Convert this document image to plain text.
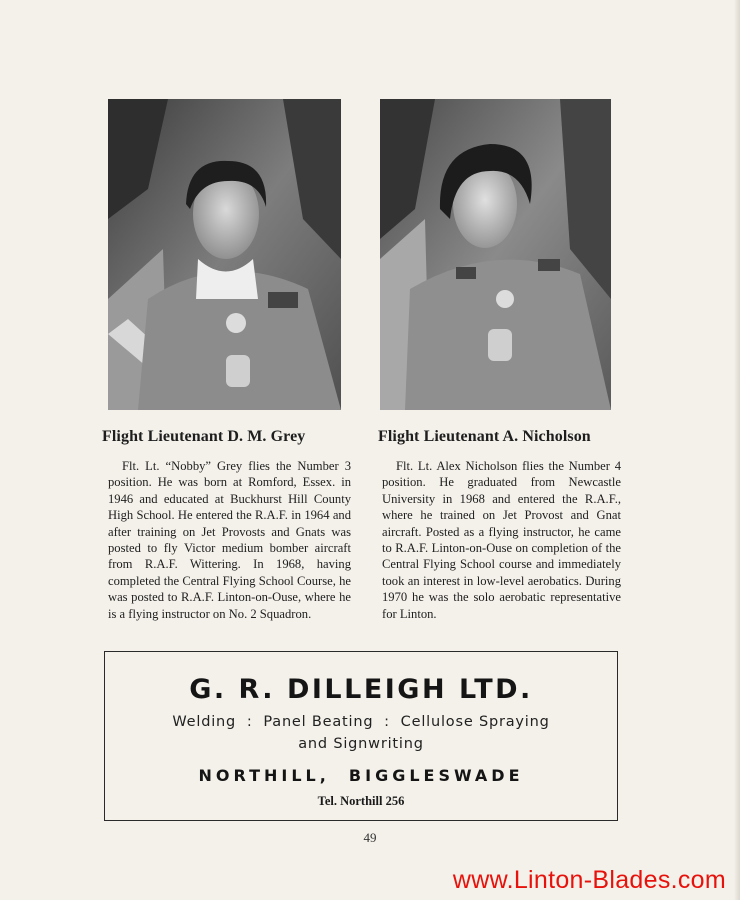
Flight Lieutenant D. M. Grey

Flt. Lt. “Nobby” Grey flies the Number 3 position. He was born at Romford, Essex. in 1946 and educated at Buckhurst Hill County High School. He entered the R.A.F. in 1964 and after training on Jet Provosts and Gnats was posted to fly Victor medium bomber aircraft from R.A.F. Wittering. In 1968, having completed the Central Flying School Course, he was posted to R.A.F. Linton-on-Ouse, where he is a flying instructor on No. 2 Squadron.

Flight Lieutenant A. Nicholson

Flt. Lt. Alex Nicholson flies the Number 4 position. He graduated from Newcastle University in 1968 and entered the R.A.F., where he trained on Jet Provost and Gnat aircraft. Posted as a flying instructor, he came to R.A.F. Linton-on-Ouse on completion of the Central Flying School course and immediately took an interest in low-level aerobatics. During 1970 he was the solo aerobatic representative for Linton.

G. R. DILLEIGH LTD.
Welding  :  Panel Beating  :  Cellulose Spraying
and Signwriting
NORTHILL,  BIGGLESWADE
Tel. Northill 256
49
www.Linton-Blades.com
